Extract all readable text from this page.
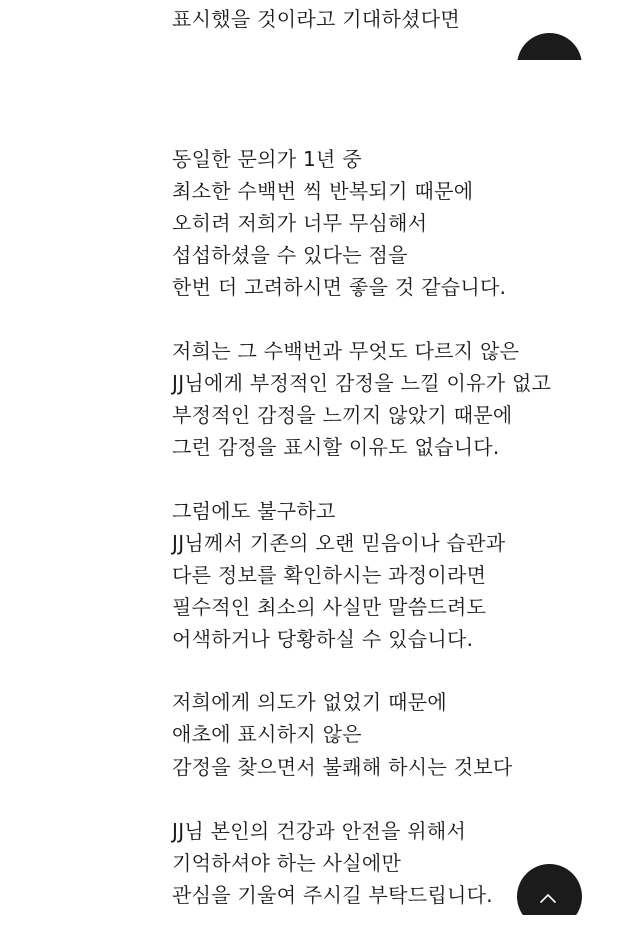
표시했을 것이라고 기대하셨다면
동일한 문의가 1년 중
최소한 수백번 씩 반복되기 때문에
오히려 저희가 너무 무심해서
섭섭하셨을 수 있다는 점을
한번 더 고려하시면 좋을 것 같습니다.
저희는 그 수백번과 무엇도 다르지 않은
JJ님에게 부정적인 감정을 느낄 이유가 없고
부정적인 감정을 느끼지 않았기 때문에
그런 감정을 표시할 이유도 없습니다.
그럼에도 불구하고
JJ님께서 기존의 오랜 믿음이나 습관과
다른 정보를 확인하시는 과정이라면
필수적인 최소의 사실만 말씀드려도
어색하거나 당황하실 수 있습니다.
저희에게 의도가 없었기 때문에
애초에 표시하지 않은
감정을 찾으면서 불쾌해 하시는 것보다
JJ님 본인의 건강과 안전을 위해서
기억하셔야 하는 사실에만
관심을 기울여 주시길 부탁드립니다.
